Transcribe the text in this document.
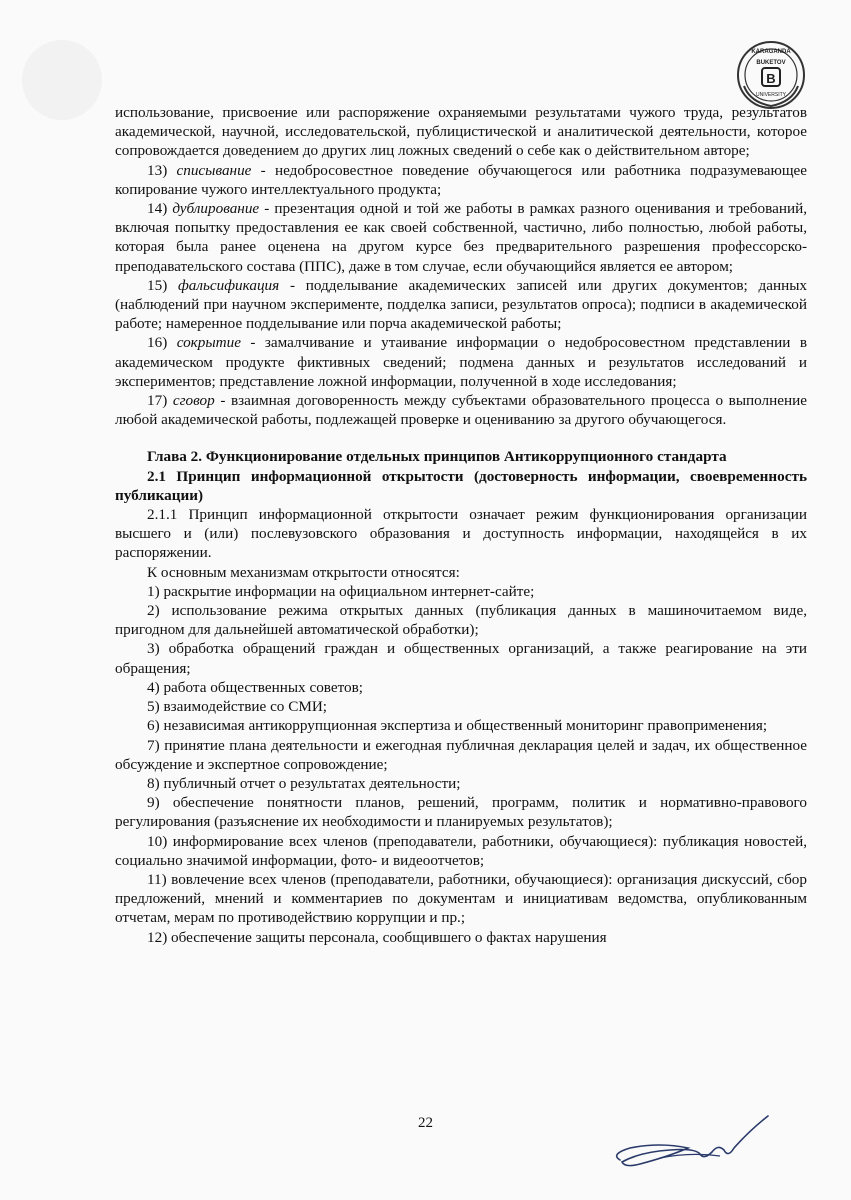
KARAGANDA
BUKETOV
B
UNIVERSITY

использование, присвоение или распоряжение охраняемыми результатами чужого труда, результатов академической, научной, исследовательской, публицистической и аналитической деятельности, которое сопровождается доведением до других лиц ложных сведений о себе как о действительном авторе;

13) списывание - недобросовестное поведение обучающегося или работника подразумевающее копирование чужого интеллектуального продукта;

14) дублирование - презентация одной и той же работы в рамках разного оценивания и требований, включая попытку предоставления ее как своей собственной, частично, либо полностью, любой работы, которая была ранее оценена на другом курсе без предварительного разрешения профессорско-преподавательского состава (ППС), даже в том случае, если обучающийся является ее автором;

15) фальсификация - подделывание академических записей или других документов; данных (наблюдений при научном эксперименте, подделка записи, результатов опроса); подписи в академической работе; намеренное подделывание или порча академической работы;

16) сокрытие - замалчивание и утаивание информации о недобросовестном представлении в академическом продукте фиктивных сведений; подмена данных и результатов исследований и экспериментов; представление ложной информации, полученной в ходе исследования;

17) сговор - взаимная договоренность между субъектами образовательного процесса о выполнение любой академической работы, подлежащей проверке и оцениванию за другого обучающегося.

Глава 2. Функционирование отдельных принципов Антикоррупционного стандарта

2.1 Принцип информационной открытости (достоверность информации, своевременность публикации)

2.1.1 Принцип информационной открытости означает режим функционирования организации высшего и (или) послевузовского образования и доступность информации, находящейся в их распоряжении.

К основным механизмам открытости относятся:

1) раскрытие информации на официальном интернет-сайте;

2) использование режима открытых данных (публикация данных в машиночитаемом виде, пригодном для дальнейшей автоматической обработки);

3) обработка обращений граждан и общественных организаций, а также реагирование на эти обращения;

4) работа общественных советов;

5) взаимодействие со СМИ;

6) независимая антикоррупционная экспертиза и общественный мониторинг правоприменения;

7) принятие плана деятельности и ежегодная публичная декларация целей и задач, их общественное обсуждение и экспертное сопровождение;

8) публичный отчет о результатах деятельности;

9) обеспечение понятности планов, решений, программ, политик и нормативно-правового регулирования (разъяснение их необходимости и планируемых результатов);

10) информирование всех членов (преподаватели, работники, обучающиеся): публикация новостей, социально значимой информации, фото- и видеоотчетов;

11) вовлечение всех членов (преподаватели, работники, обучающиеся): организация дискуссий, сбор предложений, мнений и комментариев по документам и инициативам ведомства, опубликованным отчетам, мерам по противодействию коррупции и пр.;

12) обеспечение защиты персонала, сообщившего о фактах нарушения

22
